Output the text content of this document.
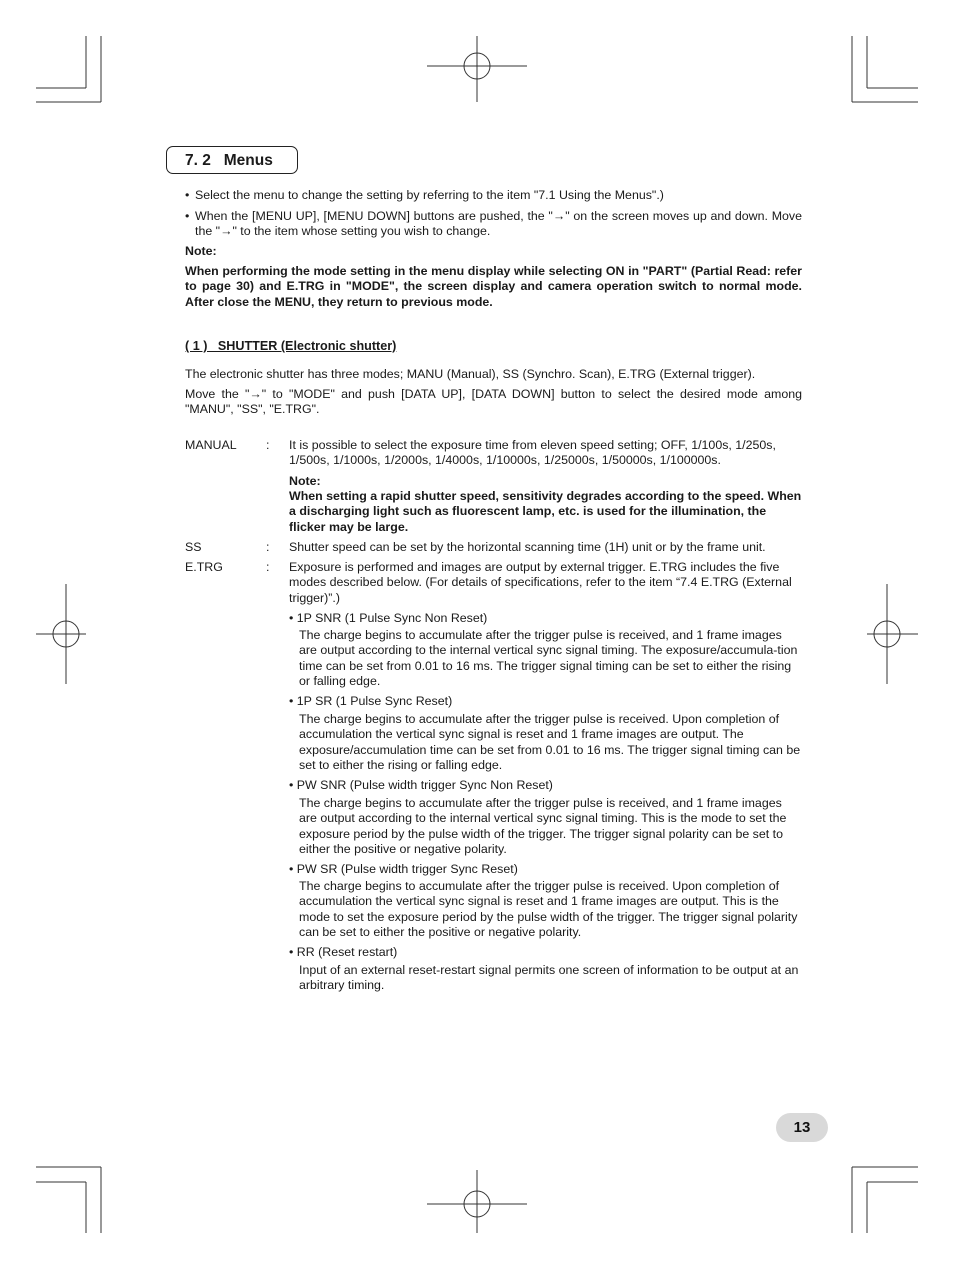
7. 2   Menus
• Select the menu to change the setting by referring to the item "7.1 Using the Menus".)
• When the [MENU UP], [MENU DOWN] buttons are pushed, the "→" on the screen moves up and down. Move the "→" to the item whose setting you wish to change.
Note:
When performing the mode setting in the menu display while selecting ON in "PART" (Partial Read: refer to page 30) and E.TRG in "MODE", the screen display and camera operation switch to normal mode. After close the MENU, they return to previous mode.
( 1 )   SHUTTER (Electronic shutter)
The electronic shutter has three modes; MANU (Manual), SS (Synchro. Scan), E.TRG (External trigger).
Move the "→" to "MODE" and push [DATA UP], [DATA DOWN] button to select the desired mode among "MANU", "SS", "E.TRG".
MANUAL : It is possible to select the exposure time from eleven speed setting; OFF, 1/100s, 1/250s, 1/500s, 1/1000s, 1/2000s, 1/4000s, 1/10000s, 1/25000s, 1/50000s, 1/100000s.
Note:
When setting a rapid shutter speed, sensitivity degrades according to the speed. When a discharging light such as fluorescent lamp, etc. is used for the illumination, the flicker may be large.
SS	: Shutter speed can be set by the horizontal scanning time (1H) unit or by the frame unit.
E.TRG	: Exposure is performed and images are output by external trigger. E.TRG includes the five modes described below. (For details of specifications, refer to the item “7.4 E.TRG (External trigger)”.)
• 1P SNR (1 Pulse Sync Non Reset)
The charge begins to accumulate after the trigger pulse is received, and 1 frame images are output according to the internal vertical sync signal timing. The exposure/accumula-tion time can be set from 0.01 to 16 ms. The trigger signal timing can be set to either the rising or falling edge.
• 1P SR (1 Pulse Sync Reset)
The charge begins to accumulate after the trigger pulse is received. Upon completion of accumulation the vertical sync signal is reset and 1 frame images are output. The exposure/accumulation time can be set from 0.01 to 16 ms. The trigger signal timing can be set to either the rising or falling edge.
• PW SNR (Pulse width trigger Sync Non Reset)
The charge begins to accumulate after the trigger pulse is received, and 1 frame images are output according to the internal vertical sync signal timing. This is the mode to set the exposure period by the pulse width of the trigger. The trigger signal polarity can be set to either the positive or negative polarity.
• PW SR (Pulse width trigger Sync Reset)
The charge begins to accumulate after the trigger pulse is received. Upon completion of accumulation the vertical sync signal is reset and 1 frame images are output. This is the mode to set the exposure period by the pulse width of the trigger. The trigger signal polarity can be set to either the positive or negative polarity.
• RR (Reset restart)
Input of an external reset-restart signal permits one screen of information to be output at an arbitrary timing.
13
